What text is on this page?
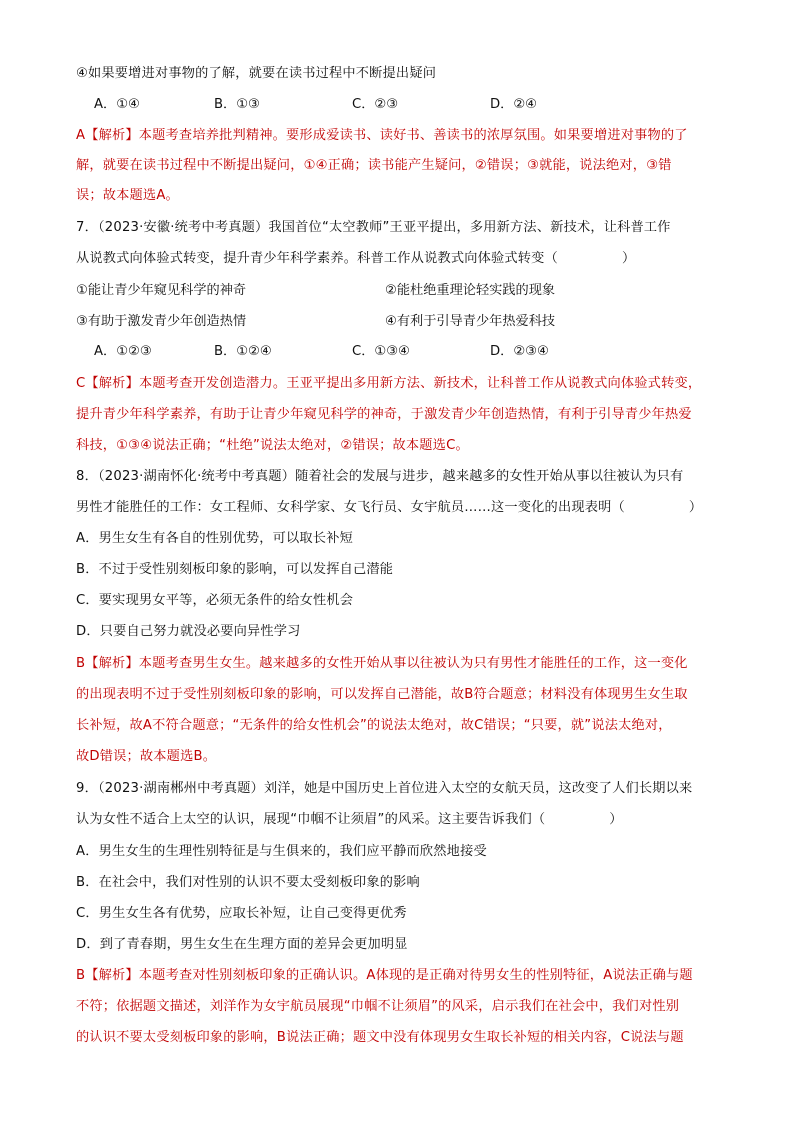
④如果要增进对事物的了解，就要在读书过程中不断提出疑问
A．①④	B．①③	C．②③	D．②④
A【解析】本题考查培养批判精神。要形成爱读书、读好书、善读书的浓厚氛围。如果要增进对事物的了
解，就要在读书过程中不断提出疑问，①④正确；读书能产生疑问，②错误；③就能，说法绝对，③错
误；故本题选A。
7．（2023·安徽·统考中考真题）我国首位“太空教师”王亚平提出，多用新方法、新技术，让科普工作
从说教式向体验式转变，提升青少年科学素养。科普工作从说教式向体验式转变（	）
①能让青少年窥见科学的神奇	②能杜绝重理论轻实践的现象
③有助于激发青少年创造热情	④有利于引导青少年热爱科技
A．①②③	B．①②④	C．①③④	D．②③④
C【解析】本题考查开发创造潜力。王亚平提出多用新方法、新技术，让科普工作从说教式向体验式转变，
提升青少年科学素养，有助于让青少年窥见科学的神奇，于激发青少年创造热情，有利于引导青少年热爱
科技，①③④说法正确；“杜绝”说法太绝对，②错误；故本题选C。
8．（2023·湖南怀化·统考中考真题）随着社会的发展与进步，越来越多的女性开始从事以往被认为只有
男性才能胜任的工作：女工程师、女科学家、女飞行员、女宇航员……这一变化的出现表明（	）
A．男生女生有各自的性别优势，可以取长补短
B．不过于受性别刻板印象的影响，可以发挥自己潜能
C．要实现男女平等，必须无条件的给女性机会
D．只要自己努力就没必要向异性学习
B【解析】本题考查男生女生。越来越多的女性开始从事以往被认为只有男性才能胜任的工作，这一变化
的出现表明不过于受性别刻板印象的影响，可以发挥自己潜能，故B符合题意；材料没有体现男生女生取
长补短，故A不符合题意；“无条件的给女性机会”的说法太绝对，故C错误；“只要，就”说法太绝对，
故D错误；故本题选B。
9．（2023·湖南郴州中考真题）刘洋，她是中国历史上首位进入太空的女航天员，这改变了人们长期以来
认为女性不适合上太空的认识，展现“巾帼不让须眉”的风采。这主要告诉我们（	）
A．男生女生的生理性别特征是与生俱来的，我们应平静而欣然地接受
B．在社会中，我们对性别的认识不要太受刻板印象的影响
C．男生女生各有优势，应取长补短，让自己变得更优秀
D．到了青春期，男生女生在生理方面的差异会更加明显
B【解析】本题考查对性别刻板印象的正确认识。A体现的是正确对待男女生的性别特征，A说法正确与题
不符；依据题文描述，刘洋作为女宇航员展现“巾帼不让须眉”的风采，启示我们在社会中，我们对性别
的认识不要太受刻板印象的影响，B说法正确；题文中没有体现男女生取长补短的相关内容，C说法与题
